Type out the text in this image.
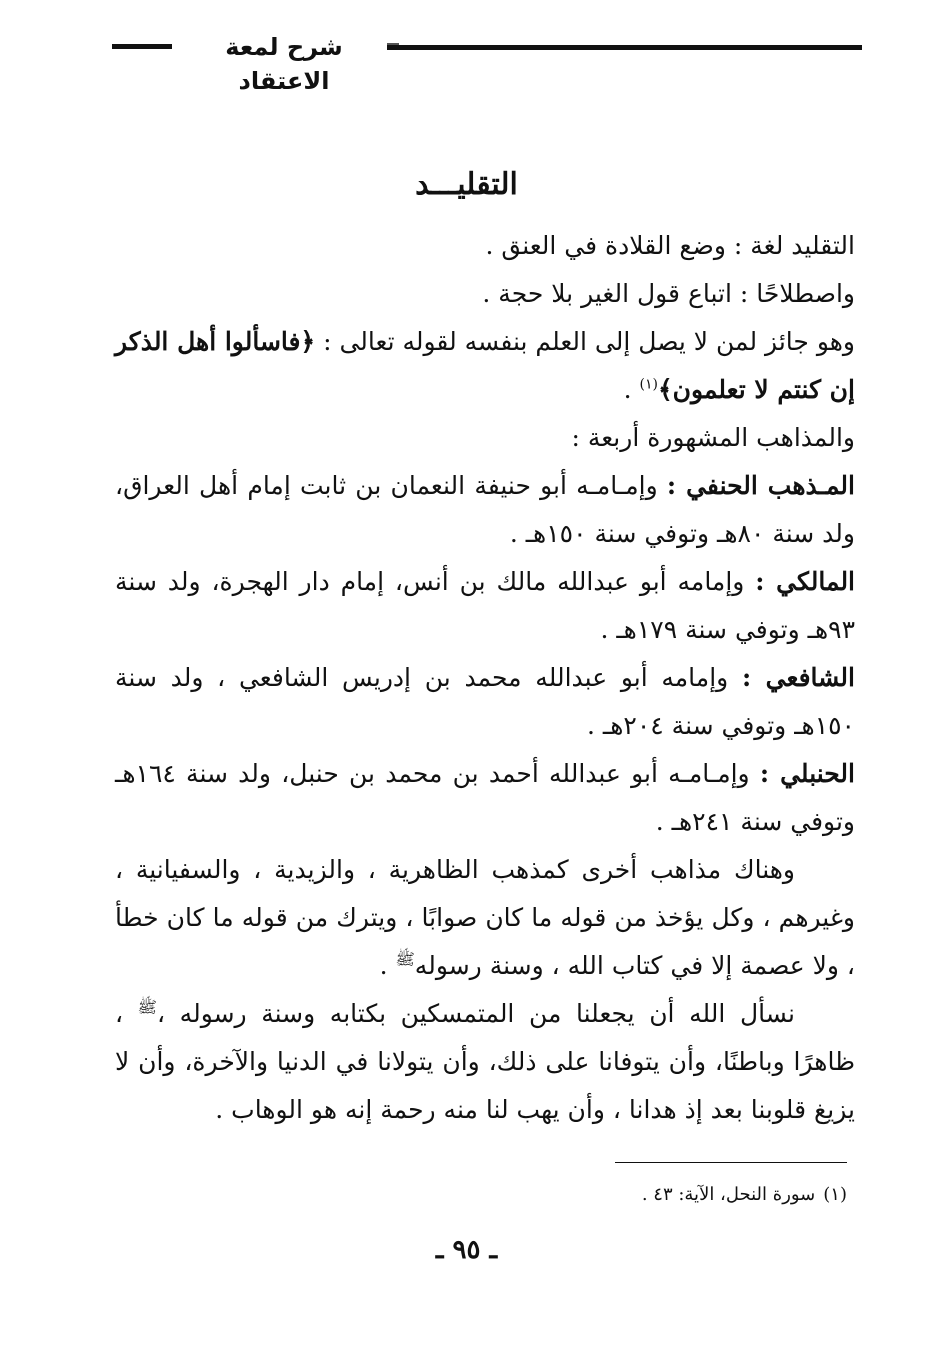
شرح لمعة الاعتقاد
التقليـــد

التقليد لغة : وضع القلادة في العنق .

واصطلاحًا : اتباع قول الغير بلا حجة .

وهو جائز لمن لا يصل إلى العلم بنفسه لقوله تعالى : ﴿فاسألوا أهل الذكر إن كنتم لا تعلمون﴾$^{(١)}$ .

والمذاهب المشهورة أربعة :

المـذهب الحنفي : وإمـامـه أبو حنيفة النعمان بن ثابت إمام أهل العراق، ولد سنة ٨٠هـ وتوفي سنة ١٥٠هـ .

المالكي : وإمامه أبو عبدالله مالك بن أنس، إمام دار الهجرة، ولد سنة ٩٣هـ وتوفي سنة ١٧٩هـ .

الشافعي : وإمامه أبو عبدالله محمد بن إدريس الشافعي ، ولد سنة ١٥٠هـ وتوفي سنة ٢٠٤هـ .

الحنبلي : وإمـامـه أبو عبدالله أحمد بن محمد بن حنبل، ولد سنة ١٦٤هـ وتوفي سنة ٢٤١هـ .

وهناك مذاهب أخرى كمذهب الظاهرية ، والزيدية ، والسفيانية ، وغيرهم ، وكل يؤخذ من قوله ما كان صوابًا ، ويترك من قوله ما كان خطأ ، ولا عصمة إلا في كتاب الله ، وسنة رسوله$^ﷺ$ .

نسأل الله أن يجعلنا من المتمسكين بكتابه وسنة رسوله ،$^ﷺ$ ، ظاهرًا وباطنًا، وأن يتوفانا على ذلك، وأن يتولانا في الدنيا والآخرة، وأن لا يزيغ قلوبنا بعد إذ هدانا ، وأن يهب لنا منه رحمة إنه هو الوهاب .

(١)سورة النحل، الآية: ٤٣ .
ـ ٩٥ ـ
